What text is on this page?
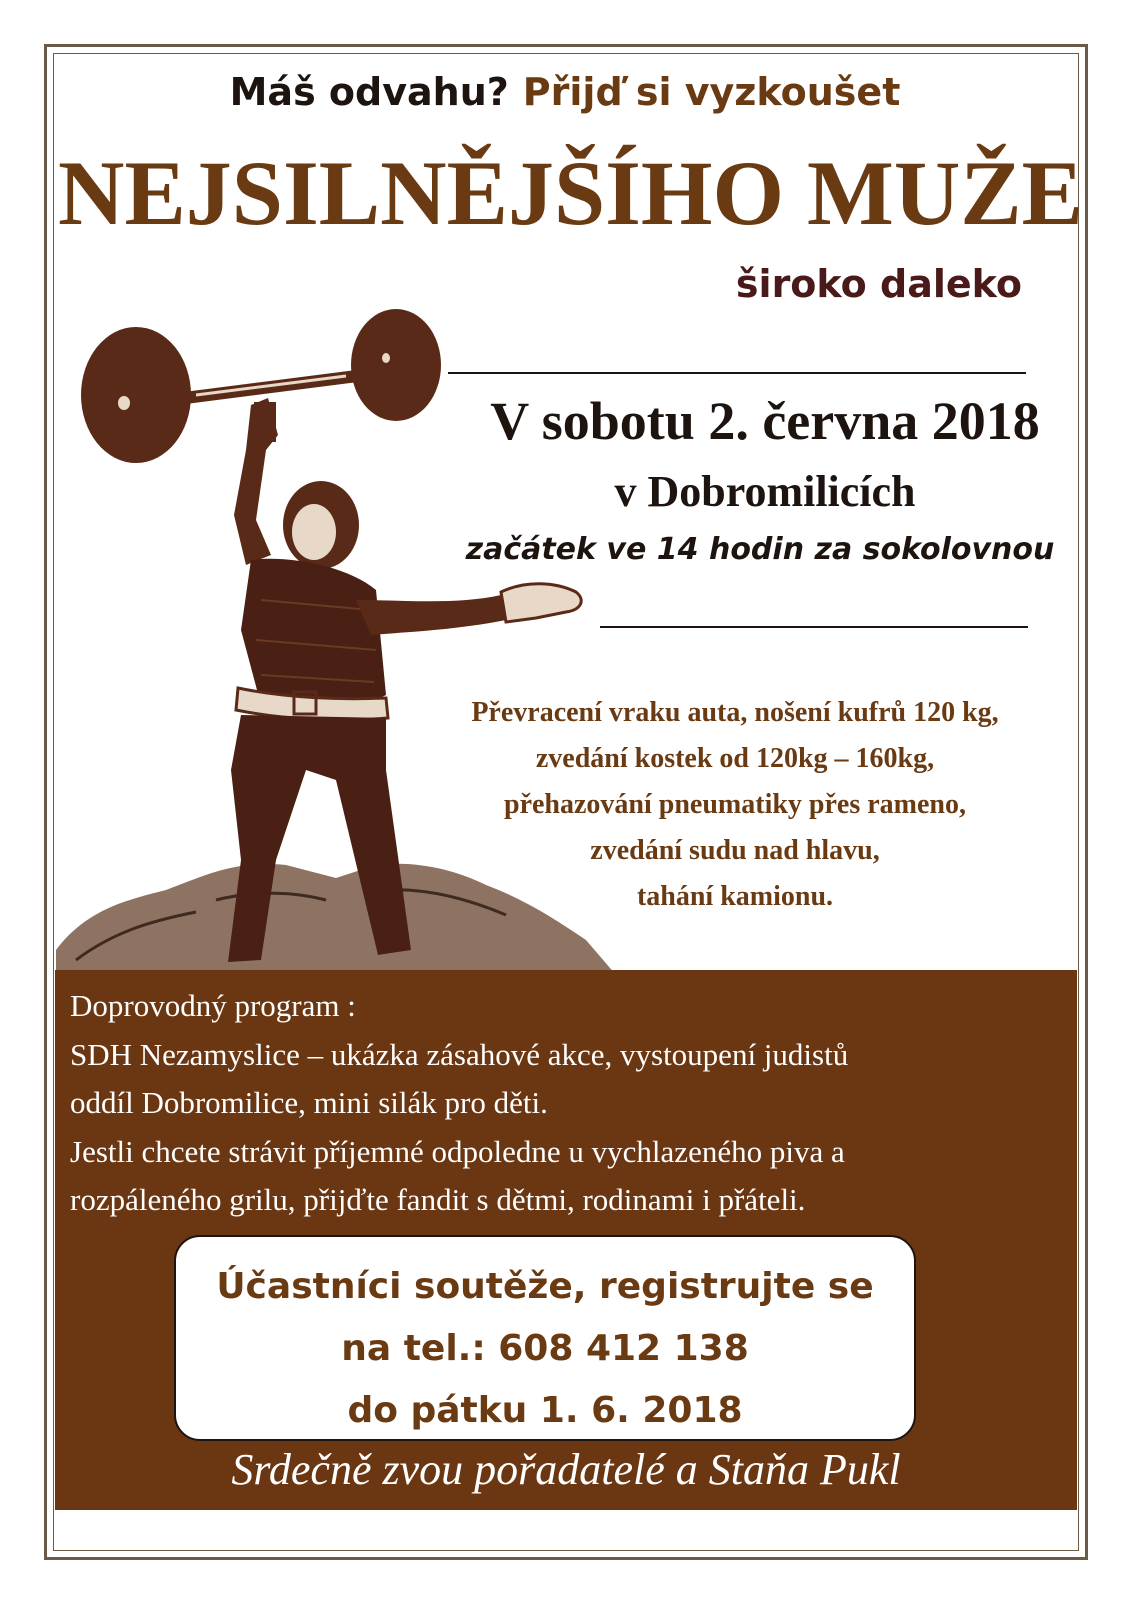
Máš odvahu? Přijď si vyzkoušet
NEJSILNĚJŠÍHO MUŽE
široko daleko
V sobotu 2. června 2018
v Dobromilicích
začátek ve 14 hodin za sokolovnou
Převracení vraku auta, nošení kufrů 120 kg,
zvedání kostek od 120kg – 160kg,
přehazování pneumatiky přes rameno,
zvedání sudu nad hlavu,
tahání kamionu.
Doprovodný program :
SDH Nezamyslice – ukázka zásahové akce, vystoupení judistů
oddíl Dobromilice, mini silák pro děti.
Jestli chcete strávit příjemné odpoledne u vychlazeného piva a
rozpáleného grilu, přijďte fandit s dětmi, rodinami i přáteli.
Účastníci soutěže, registrujte se
na tel.: 608 412 138
do pátku 1. 6. 2018
Srdečně zvou pořadatelé a Staňa Pukl
